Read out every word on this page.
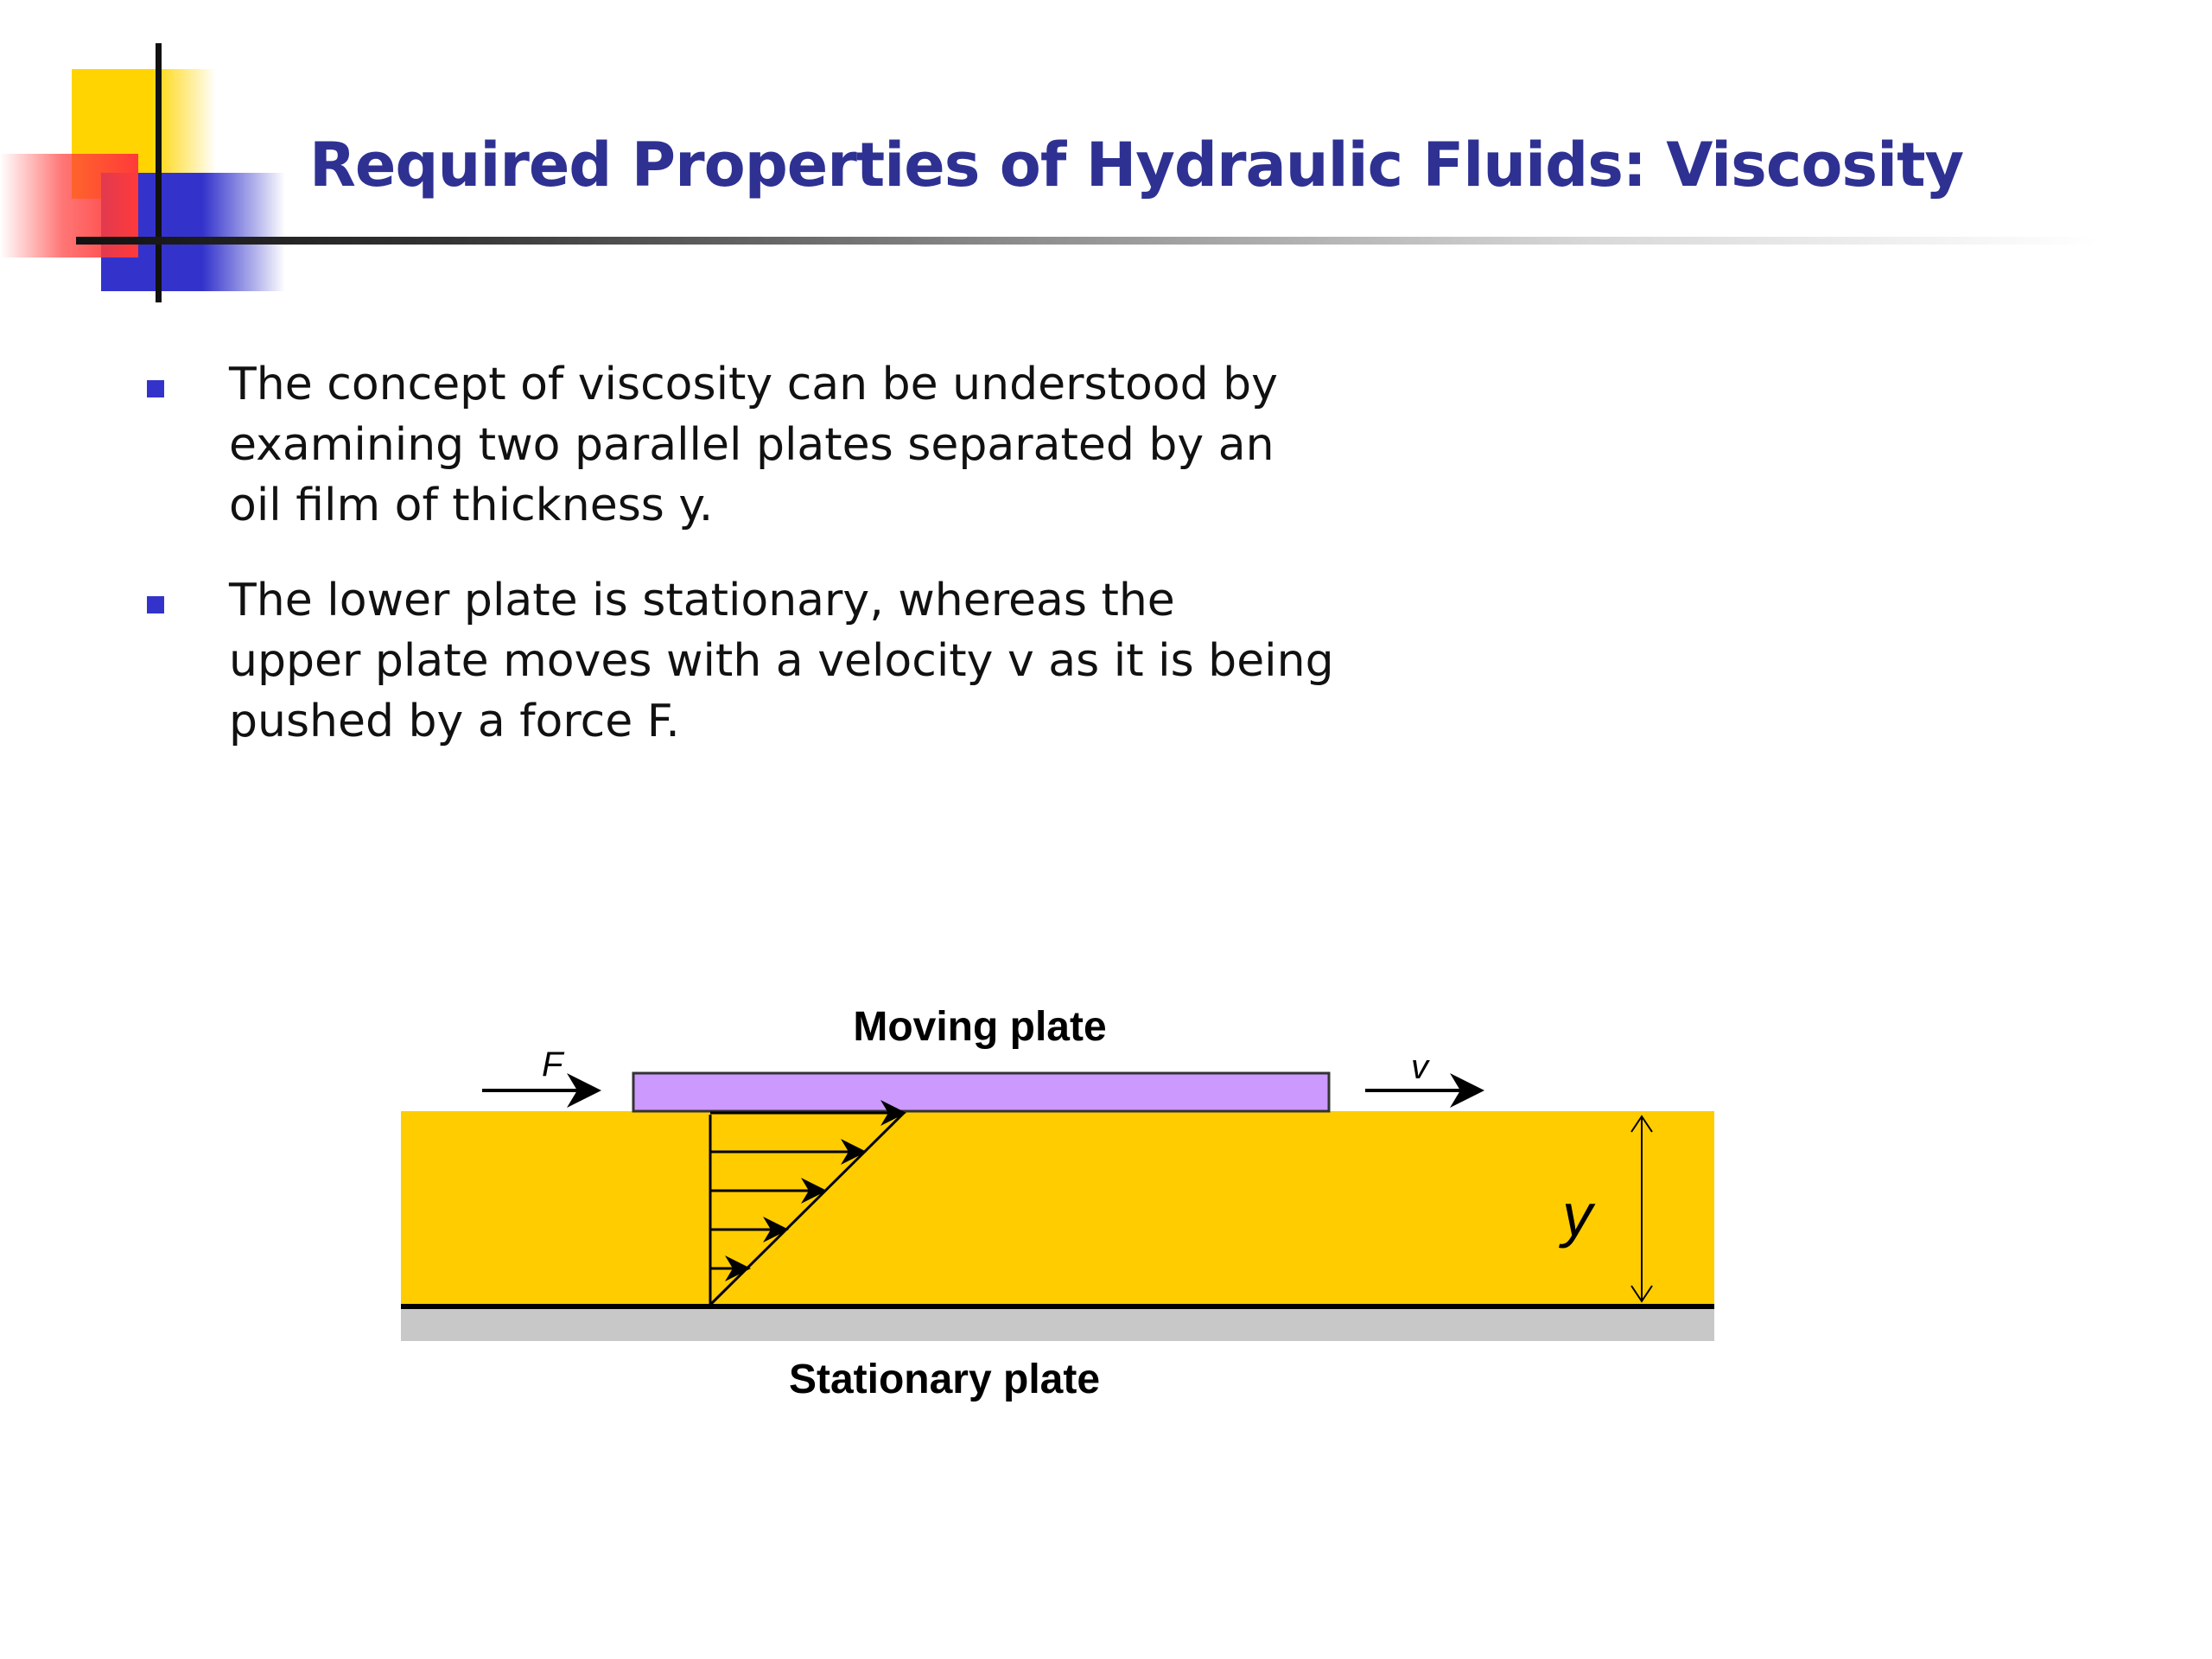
Required Properties of Hydraulic Fluids: Viscosity
The concept of viscosity can be understood by
examining two parallel plates separated by an
oil film of thickness y.
The lower plate is stationary, whereas the
upper plate moves with a velocity v as it is being
pushed by a force F.
F	v
y
Moving plate
Stationary plate
